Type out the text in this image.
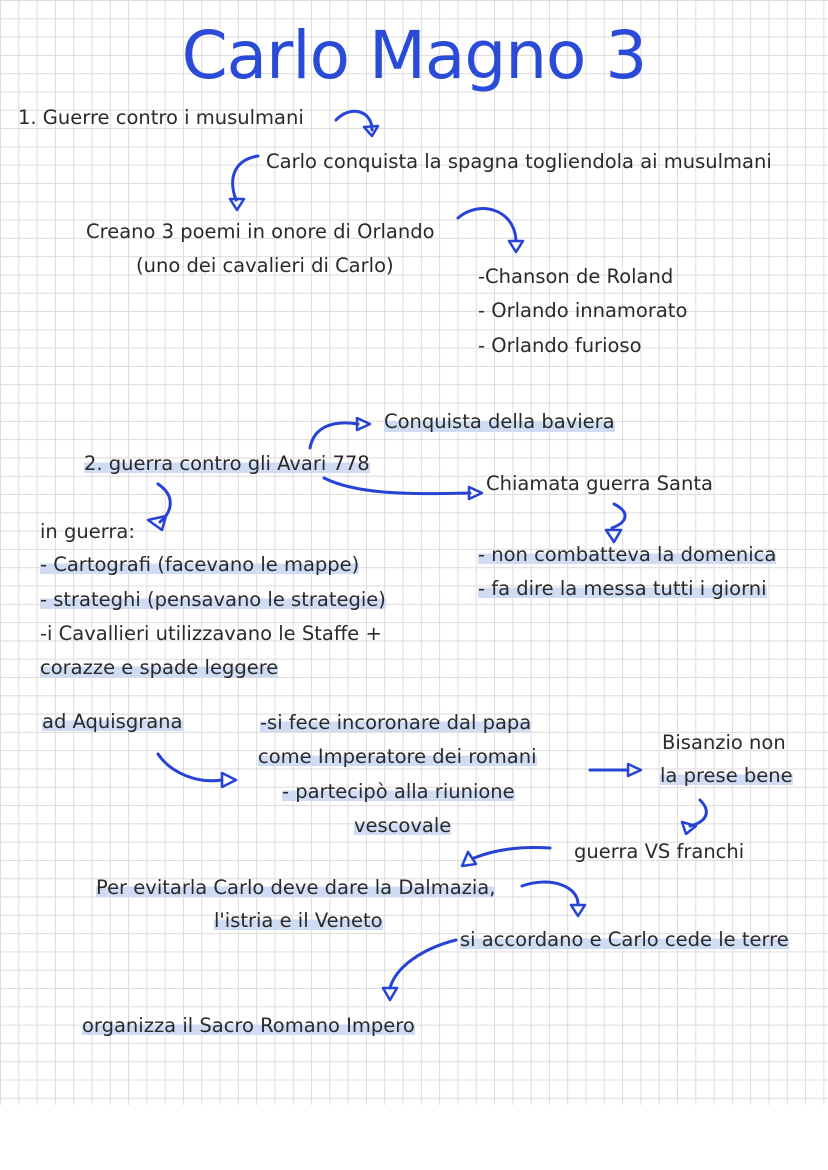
Carlo Magno 3
1. Guerre contro i musulmani
Carlo conquista la spagna togliendola ai musulmani
Creano 3 poemi in onore di Orlando
(uno dei cavalieri di Carlo)	-Chanson de Roland
- Orlando innamorato
- Orlando furioso
Conquista della baviera
2. guerra contro gli Avari 778
Chiamata guerra Santa
in guerra:
- Cartografi (facevano le mappe)
- strateghi (pensavano le strategie)
-i Cavallieri utilizzavano le Staffe +
corazze e spade leggere
- non combatteva la domenica
- fa dire la messa tutti i giorni
ad Aquisgrana	-si fece incoronare dal papa
come Imperatore dei romani
- partecipò alla riunione
vescovale
Bisanzio non
la prese bene
guerra VS franchi
Per evitarla Carlo deve dare la Dalmazia,
l'istria e il Veneto
si accordano e Carlo cede le terre
organizza il Sacro Romano Impero
